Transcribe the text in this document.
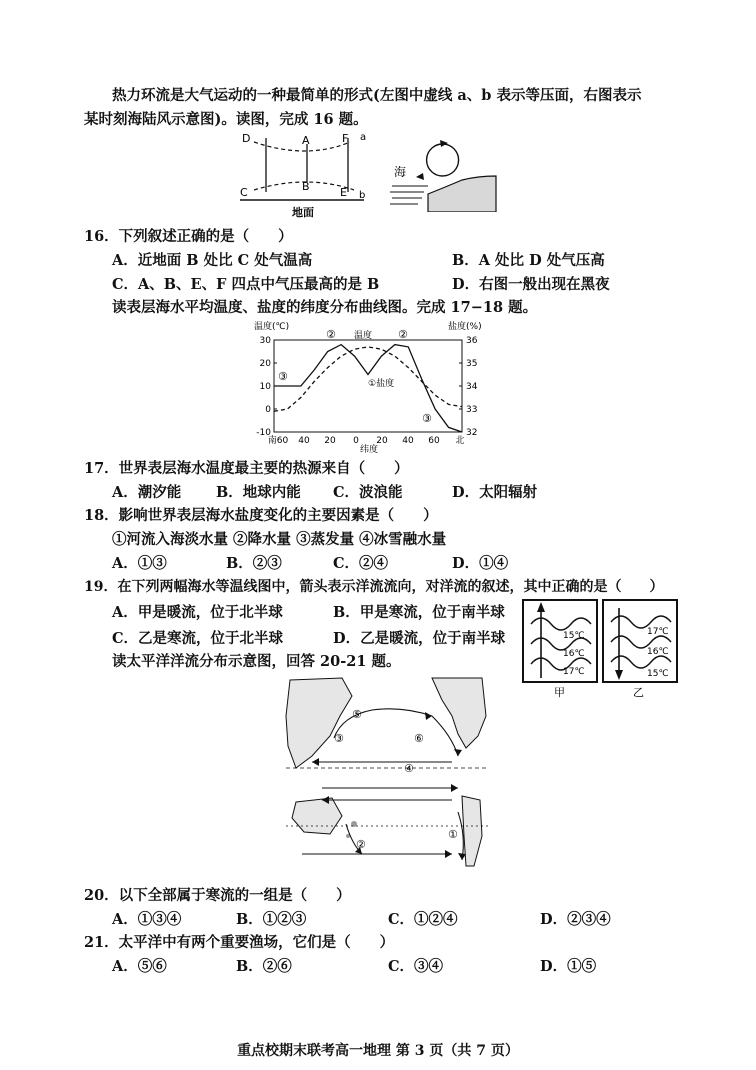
热力环流是大气运动的一种最简单的形式(左图中虚线 a、b 表示等压面，右图表示
某时刻海陆风示意图)。读图，完成 16 题。
D	A	F a
C	B	E b
地面
海
16．下列叙述正确的是（　　）
A．近地面 B 处比 C 处气温高	B．A 处比 D 处气压高
C．A、B、E、F 四点中气压最高的是 B	D．右图一般出现在黑夜
读表层海水平均温度、盐度的纬度分布曲线图。完成 17−18 题。
温度(℃)	盐度(%)
30
20
10
0
-10
36
35
34
33
32
南60 40 20 0 20 40 60 北
② 温度 ②
①盐度
③
③
纬度
17．世界表层海水温度最主要的热源来自（　　）
A．潮汐能 B．地球内能 C．波浪能	D．太阳辐射
18．影响世界表层海水盐度变化的主要因素是（　　）
①河流入海淡水量 ②降水量 ③蒸发量 ④冰雪融水量
A．①③	B．②③	C．②④	D．①④
19．在下列两幅海水等温线图中，箭头表示洋流流向，对洋流的叙述，其中正确的是（　　）
A．甲是暖流，位于北半球	B．甲是寒流，位于南半球
C．乙是寒流，位于北半球	D．乙是暖流，位于南半球	15℃
16℃
17℃
甲
17℃
16℃
15℃
乙
读太平洋洋流分布示意图，回答 20-21 题。
①
②
③
④
⑤
⑥
20．以下全部属于寒流的一组是（　　）
A．①③④	B．①②③	C．①②④	D．②③④
21．太平洋中有两个重要渔场，它们是（　　）
A．⑤⑥	B．②⑥	C．③④	D．①⑤
重点校期末联考高一地理 第 3 页（共 7 页）
